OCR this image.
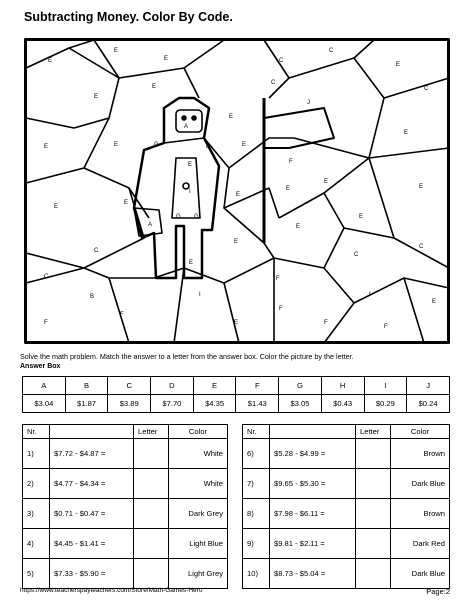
Subtracting Money. Color By Code.
E
E
E	C
C
E
C
E
J
C
E
E
E	E
E
E
A
H
G
E
E
A
G
I
G
E
E
E
F
E
E
E
E
E
C
C
E
C
C
B
F
F
I
E
F
F
I
E
F
F
Solve the math problem. Match the answer to a letter from the answer box. Color the picture by the letter.
Answer Box
A	B	C	D	E	F	G	H	I	J
$3.04	$1.87	$3.89	$7.70	$4.35	$1.43	$3.05	$0.43	$0.29	$0.24
Nr.		Letter	Color
1)	$7.72 - $4.87 =		White
2)	$4.77 - $4.34 =		White
3)	$0.71 - $0.47 =		Dark Grey
4)	$4.45 - $1.41 =		Light Blue
5)	$7.33 - $5.90 =		Light Grey
Nr.		Letter	Color
6)	$5.28 - $4.99 =		Brown
7)	$9.65 - $5.30 =		Dark Blue
8)	$7.98 - $6.11 =		Brown
9)	$9.81 - $2.11 =		Dark Red
10)	$8.73 - $5.04 =		Dark Blue
https://www.teacherspayteachers.com/Store/Math-Games-Hero	Page:2
